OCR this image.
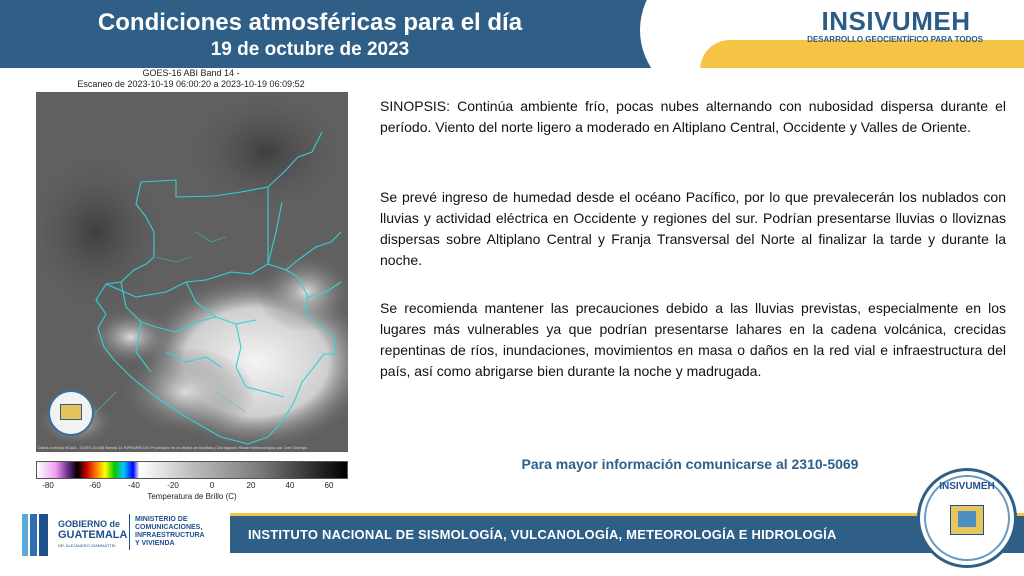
Condiciones atmosféricas para el día
19 de octubre de 2023
INSIVUMEH
DESARROLLO GEOCIENTÍFICO PARA TODOS
GOES-16 ABI Band 14 -
Escaneo de 2023-10-19 06:00:20 a 2023-10-19 06:09:52
Datos cortesía NOAA - GOES-16 ABI Banda 14 INFRARROJO Procesado en la oficina de Análisis y Divulgación Radar Meteorológico por Joel Ocampo
-80	-60	-40	-20	0	20	40	60
Temperatura de Brillo (C)

SINOPSIS: Continúa ambiente frío, pocas nubes alternando con nubosidad dispersa durante el período. Viento del norte ligero a moderado en Altiplano Central, Occidente y Valles de Oriente.

Se prevé ingreso de humedad desde el océano Pacífico, por lo que prevalecerán los nublados con lluvias y actividad eléctrica en Occidente y regiones del sur. Podrían presentarse lluvias o lloviznas dispersas sobre Altiplano Central y Franja Transversal del Norte al finalizar la tarde y durante la noche.

Se recomienda mantener las precauciones debido a las lluvias previstas, especialmente en los lugares más vulnerables ya que podrían presentarse lahares en la cadena volcánica, crecidas repentinas de ríos, inundaciones, movimientos en masa o daños en la red vial e infraestructura del país, así como abrigarse bien durante la noche y madrugada.

Para mayor información comunicarse al 2310-5069
GOBIERNO de
GUATEMALA
DR. ALEJANDRO GIAMMATTEI
MINISTERIO DE
COMUNICACIONES,
INFRAESTRUCTURA
Y VIVIENDA
INSTITUTO NACIONAL DE SISMOLOGÍA, VULCANOLOGÍA, METEOROLOGÍA E HIDROLOGÍA
INSIVUMEH
